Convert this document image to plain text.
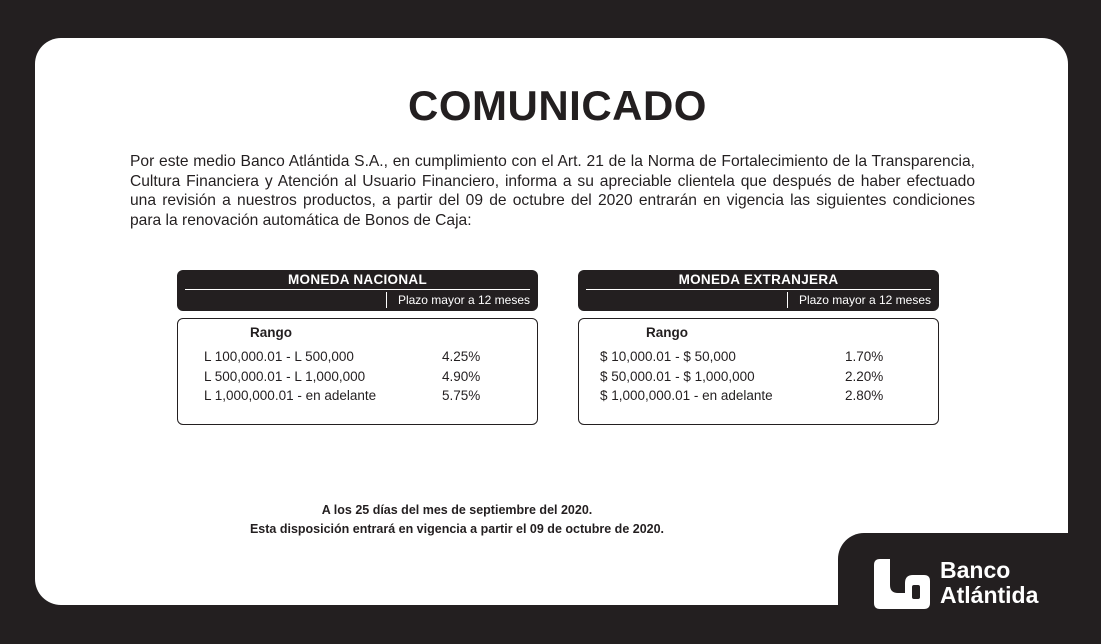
COMUNICADO

Por este medio Banco Atlántida S.A., en cumplimiento con el Art. 21 de la Norma de Fortalecimiento de la Transparencia, Cultura Financiera y Atención al Usuario Financiero, informa a su apreciable clientela que después de haber efectuado una revisión a nuestros productos, a partir del 09 de octubre del 2020 entrarán en vigencia las siguientes condiciones para la renovación automática de Bonos de Caja:

MONEDA NACIONAL
Plazo mayor a 12 meses
Rango
L 100,000.01 - L 500,000	4.25%
L 500,000.01 - L 1,000,000	4.90%
L 1,000,000.01 - en adelante	5.75%
MONEDA EXTRANJERA
Plazo mayor a 12 meses
Rango
$ 10,000.01 - $ 50,000	1.70%
$ 50,000.01 - $ 1,000,000	2.20%
$ 1,000,000.01 - en adelante	2.80%
A los 25 días del mes de septiembre del 2020.
Esta disposición entrará en vigencia a partir el 09 de octubre de 2020.
Banco
Atlántida
